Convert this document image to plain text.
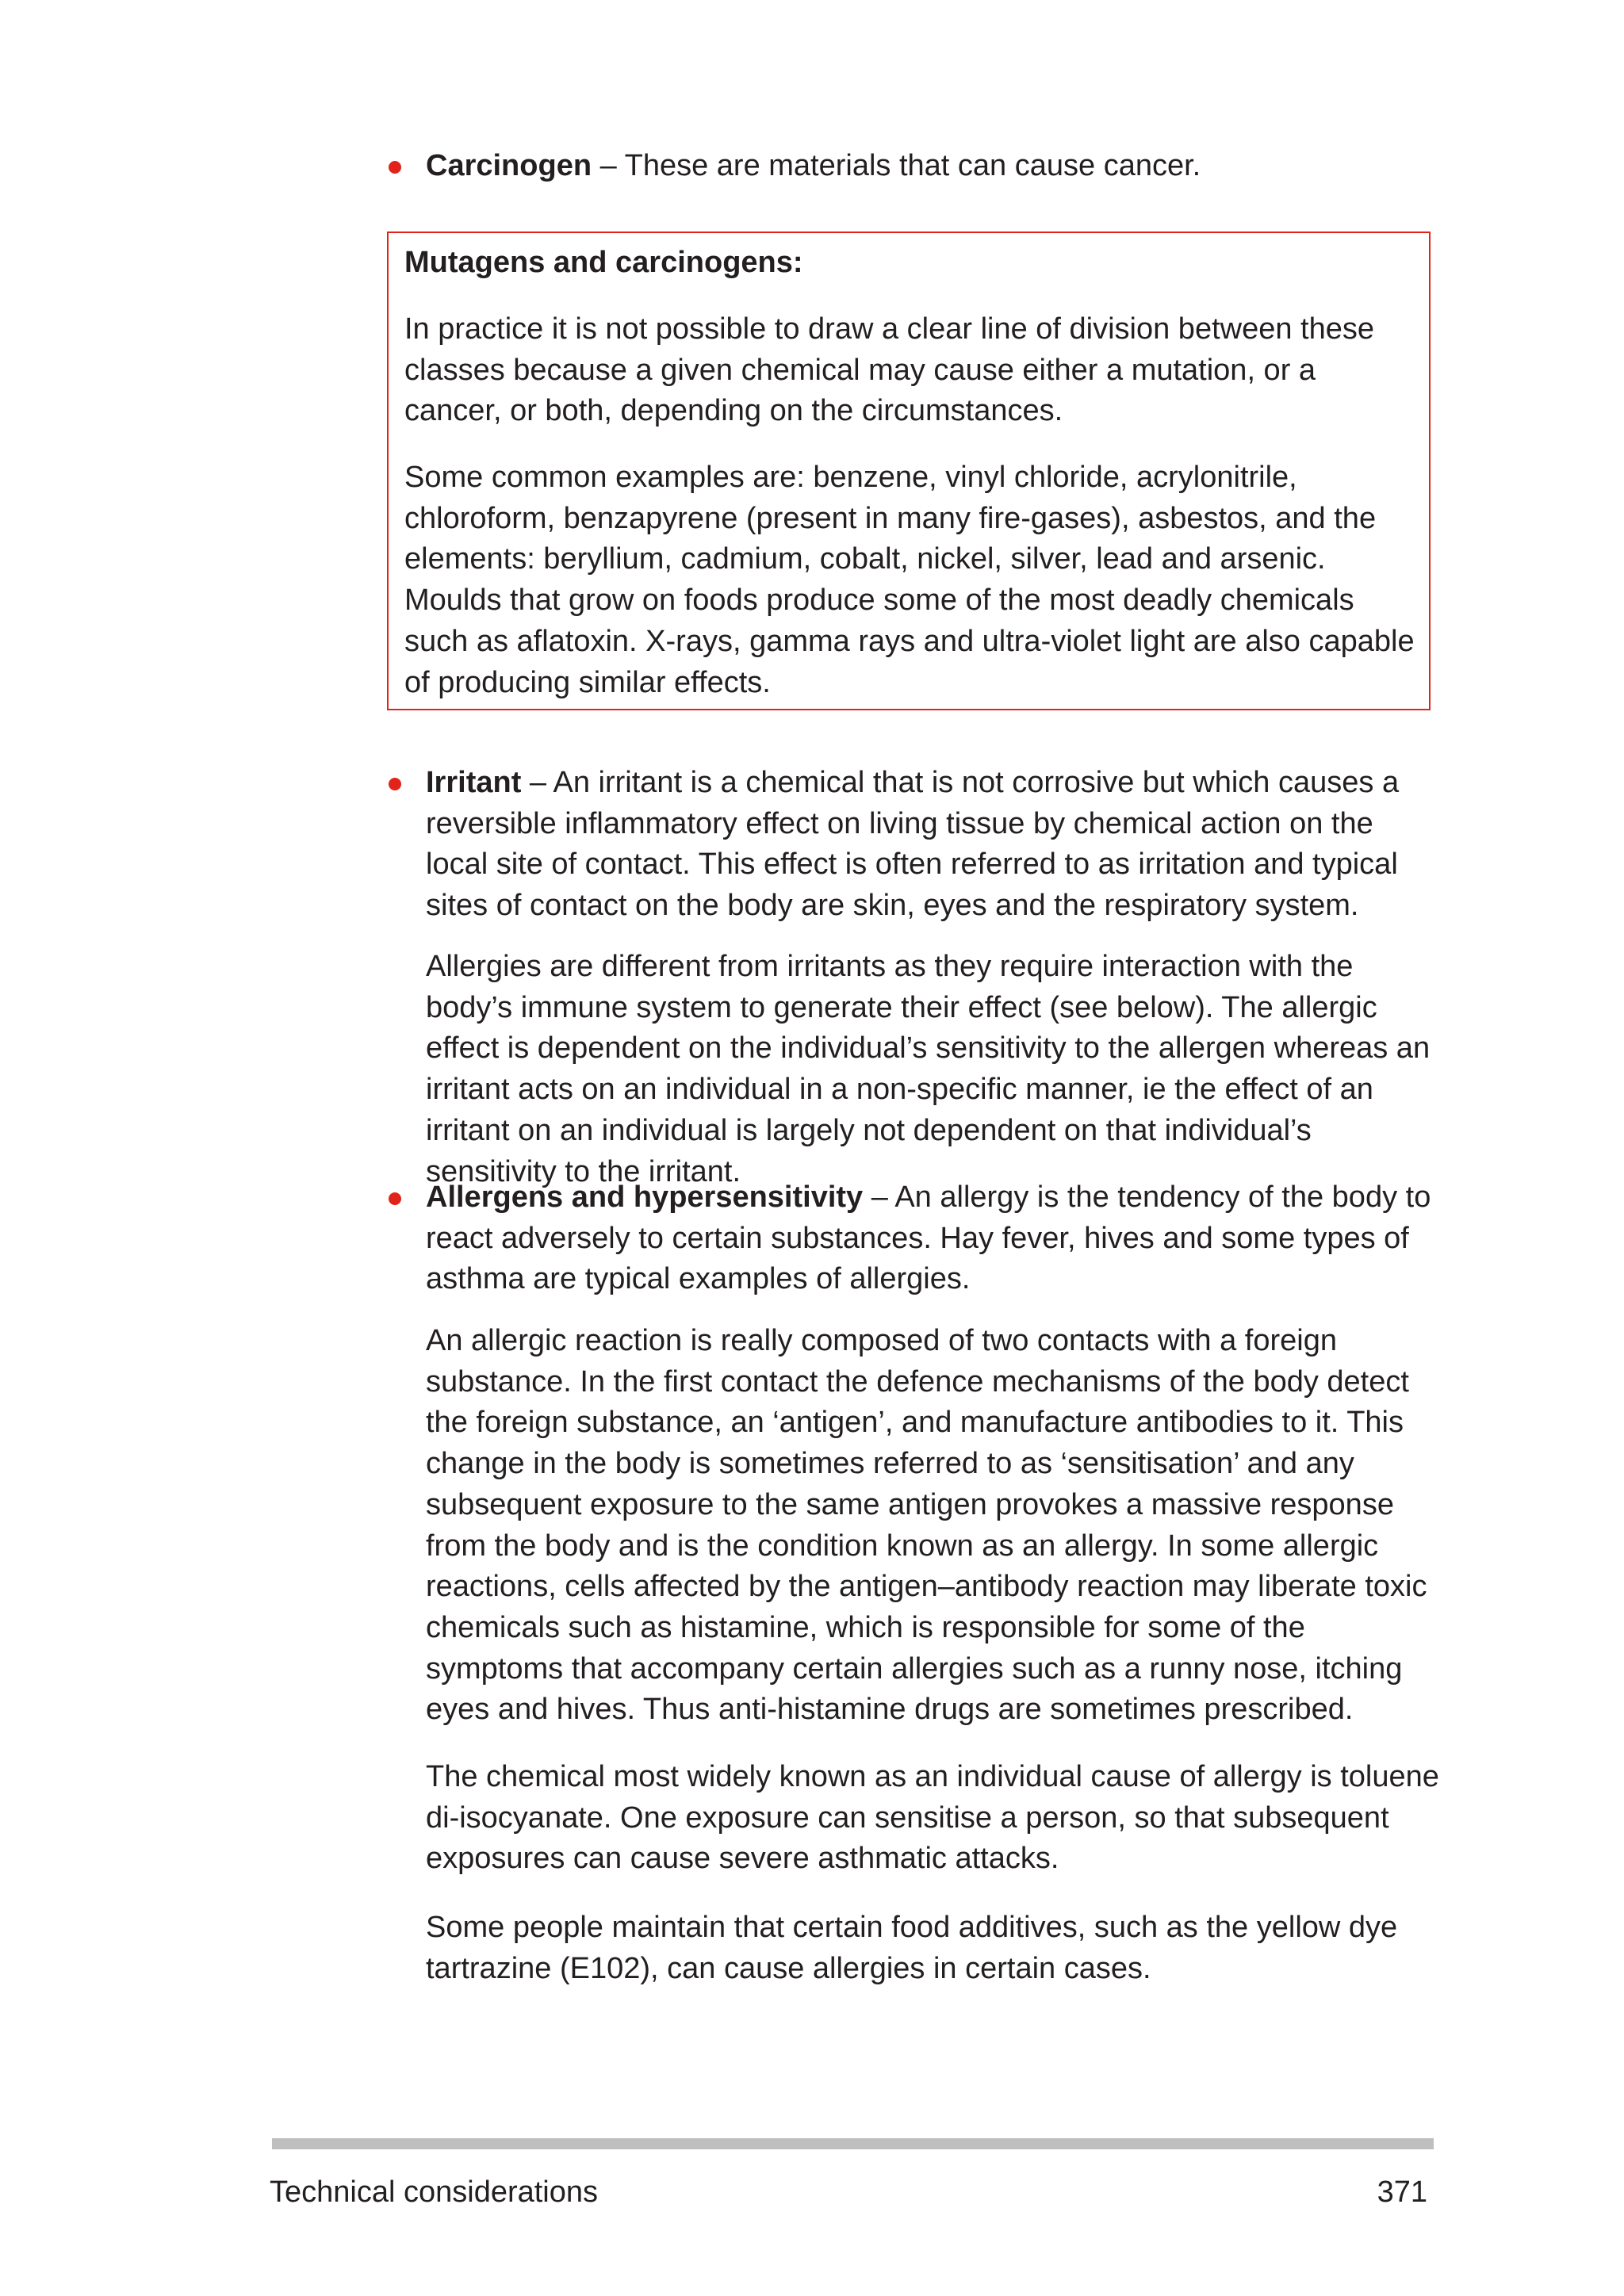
Carcinogen – These are materials that can cause cancer.

Mutagens and carcinogens:

In practice it is not possible to draw a clear line of division between these classes because a given chemical may cause either a mutation, or a cancer, or both, depending on the circumstances.

Some common examples are: benzene, vinyl chloride, acrylonitrile, chloroform, benzapyrene (present in many fire-gases), asbestos, and the elements: beryllium, cadmium, cobalt, nickel, silver, lead and arsenic. Moulds that grow on foods produce some of the most deadly chemicals such as aflatoxin. X-rays, gamma rays and ultra-violet light are also capable of producing similar effects.

Irritant – An irritant is a chemical that is not corrosive but which causes a reversible inflammatory effect on living tissue by chemical action on the local site of contact. This effect is often referred to as irritation and typical sites of contact on the body are skin, eyes and the respiratory system.

Allergies are different from irritants as they require interaction with the body’s immune system to generate their effect (see below). The allergic effect is dependent on the individual’s sensitivity to the allergen whereas an irritant acts on an individual in a non-specific manner, ie the effect of an irritant on an individual is largely not dependent on that individual’s sensitivity to the irritant.

Allergens and hypersensitivity – An allergy is the tendency of the body to react adversely to certain substances. Hay fever, hives and some types of asthma are typical examples of allergies.

An allergic reaction is really composed of two contacts with a foreign substance. In the first contact the defence mechanisms of the body detect the foreign substance, an ‘antigen’, and manufacture antibodies to it. This change in the body is sometimes referred to as ‘sensitisation’ and any subsequent exposure to the same antigen provokes a massive response from the body and is the condition known as an allergy. In some allergic reactions, cells affected by the antigen–antibody reaction may liberate toxic chemicals such as histamine, which is responsible for some of the symptoms that accompany certain allergies such as a runny nose, itching eyes and hives. Thus anti-histamine drugs are sometimes prescribed.

The chemical most widely known as an individual cause of allergy is toluene di-isocyanate. One exposure can sensitise a person, so that subsequent exposures can cause severe asthmatic attacks.

Some people maintain that certain food additives, such as the yellow dye tartrazine (E102), can cause allergies in certain cases.

Technical considerations	371
